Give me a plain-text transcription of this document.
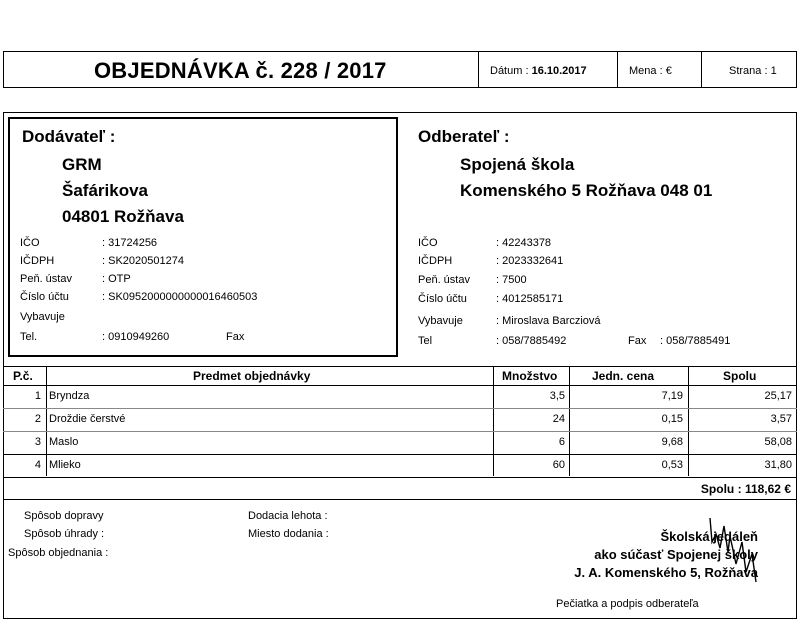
OBJEDNÁVKA č. 228 / 2017	Dátum : 16.10.2017	Mena : €	Strana : 1
Dodávateľ :
GRM
Šafárikova
04801 Rožňava
IČO	: 31724256
IČDPH	: SK2020501274
Peň. ústav	: OTP
Číslo účtu	: SK0952000000000016460503
Vybavuje
Tel.	: 0910949260	Fax
Odberateľ :
Spojená škola
Komenského 5 Rožňava 048 01
IČO	: 42243378
IČDPH	: 2023332641
Peň. ústav : 7500
Číslo účtu	: 4012585171
Vybavuje	: Miroslava Barcziová
Tel	: 058/7885492	Fax : 058/7885491
P.č.	Predmet objednávky	Množstvo	Jedn. cena	Spolu
1 Bryndza	3,5	7,19	25,17
2 Droždie čerstvé	24	0,15	3,57
3 Maslo	6	9,68	58,08
4 Mlieko	60	0,53	31,80
Spolu : 118,62 €
Spôsob dopravy
Spôsob úhrady :
Spôsob objednania :
Dodacia lehota :
Miesto dodania :	Školská jedáleň
ako súčasť Spojenej školy
J. A. Komenského 5, Rožňava
Pečiatka a podpis odberateľa
